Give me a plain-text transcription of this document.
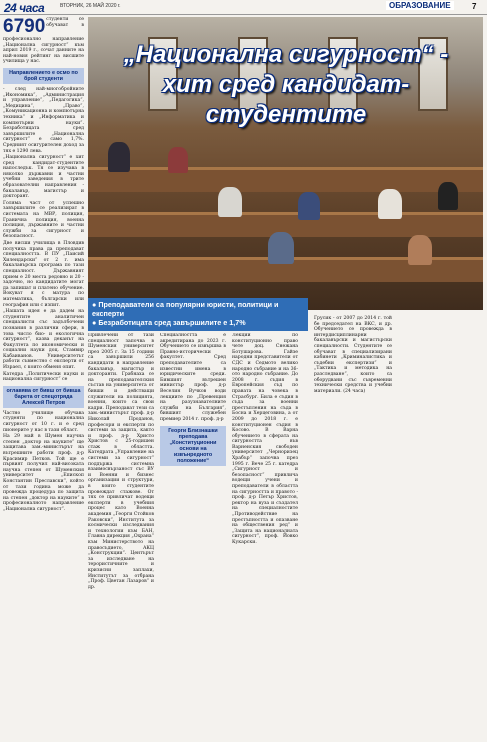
24 часа	ВТОРНИК, 26 МАЙ 2020 г.	ОБРАЗОВАНИЕ	7
6790 студенти се обучават в професионално направление „Национална сигурност“ към април 2019 г., сочат данните на най-новия рейтинг на висшите училища у нас.

Направлението е осмо по брой студенти

- след най-многобройните „Икономика“, „Администрация и управление“, „Педагогика“, „Медицина“, „Право“, „Комуникационна и компютърна техника“ и „Информатика и компютърни науки“. Безработицата сред завършилите „Национална сигурност“ е само 1,7%. Средният осигурителен доход за тях е 1290 лева.

„Национална сигурност“ е хит сред кандидат-студентите напоследък. Тя се изучава в няколко държавни и частни учебни заведения в трите образователни направления - бакалавър, магистър и докторант.

Голяма част от успешно завършилите се реализират в системата на МВР, полиция, Гранична полиция, военна полиция, държавните и частни служби за сигурност и безопасност.

Две висши училища в Пловдив получиха права да преподават специалността. В ПУ „Паисий Хилендарски“ от 2 г. има бакалавърска програма по тази специалност. Държавният прием е 20 места редовно и 20 - задочно, но кандидатите могат да запишат и платено обучение. Вокуват я с матура по математика, български или география или с изпит.

„Нашата идея е да дадем на студентите аналитичен специалисти със задълбочени познания в различни сфери, в това число био- и екологична сигурност“, казва деканът на Факултета по икономически и социални науки доц. Стамвир Кабаиванов. Университетът работи съвместно с експерти от Израел, с които обменя опит.

Катедра „Политически науки и национална сигурност“ се

оглавява от бивш от бивша барета от спецотряда Алексей Петров

Частно училище обучава студенти по национална сигурност от 10 г. и е сред пионерите у нас в тази област.

На 29 май в Шумен научна степен „доктор на науките“ ще защитава зам.-министърът на вътрешните работи проф. д-р Красимир Петков. Той ще е първият получил най-високата научна степен от Шуменския университет „Епископ Константин Преславски“, който от тази година може да провежда процедура по защита на степен „доктор на науките“ в професионалното направление „Национална сигурност“.

„Национална сигурност“ - хит сред кандидат-студентите
● Преподаватели са популярни юристи, политици и експерти
● Безработицата сред завършилите е 1,7%
Привлечени от тази специалност започва в Шуменския университет през 2005 г. За 15 години са завършили 256 кандидати в направление бакалавър, магистър и докторанти. Грабнаха се на преподавателския състав на университета от бивши и действащи служители на полицията, военни, които са свои кадри. Преподават тези са зам.-министърът проф. д-р Николай Проданов, професори и експерти по системи за защита, както и проф. д-р Христо Христов с 25-годишен стаж в областта. Катедрата „Управление на системи за сигурност“ поддържа системна взаимосвързаност със ВУ и Военни и бизнес организации и структури, в които студентите провеждат стажове. От тях се привличат водещи експерти в учебния процес като Военна академия „Георги Стойков Раковски“, Института за космически изследвания и технологии към БАН, Главна дирекция „Охрана“ към Министерството на правосъдието, АКЦ „Конструкции“. Центърът за изследване на терористичните и кризисни заплахи, Институтът за отбрана „Проф. Цветан Лазаров“ и др.

Специалността е акредитирана до 2023 г. Обучението се извършва в Правно-исторически факултет. Сред преподавателите са известни имена в юридическите среди. Бившият вътрешен министър проф. д-р Веселин Вучков води лекциите по „Превенция на разузнавателните служби на България“, бившият служебен премиер 2014 г. проф. д-р

Георги Близнашки преподава „Конституционни основи на извънредното положение“
Лекции по конституционно право чете доц. Снежана Ботушарова. Гайзе народни представители от СДС и Седмото велико народно събрание и на 36-ото народно събрание. До 2008 г. съдия в Европейския съд по правата на човека в Страсбург. Била е съдия в съда за военни престъпления на съда в Босна и Херцеговина, а от 2009 до 2018 г. е конституционен съдия в Косово. В Варна обучението в сферата на сигурността във Варненския свободен университет „Черноризец Храбър“ започва през 1995 г. Вече 25 г. катедра „Сигурност и безопасност“ привлича водещи учени и преподаватели в областта на сигурността и правото - проф. д-р Петър Христов, ректор на вуза и създател на специалностите „Противодействие на престъпността и опазване на обществения ред“ и „Защита на националната сигурност“, проф. Йовко Кукарски.
Грусик - от 2007 до 2014 г. той бе председател на ВКС, и др. Обучението се провежда в интердисциплинарни бакалавърски и магистърски специалности. Студентите се обучават в специализирани кабинети „Криминалистика и съдебни експертизи“ и „Тактика и методика на разследване“, които са оборудвани със съвременни технически средства и учебни материали. (24 часа)
